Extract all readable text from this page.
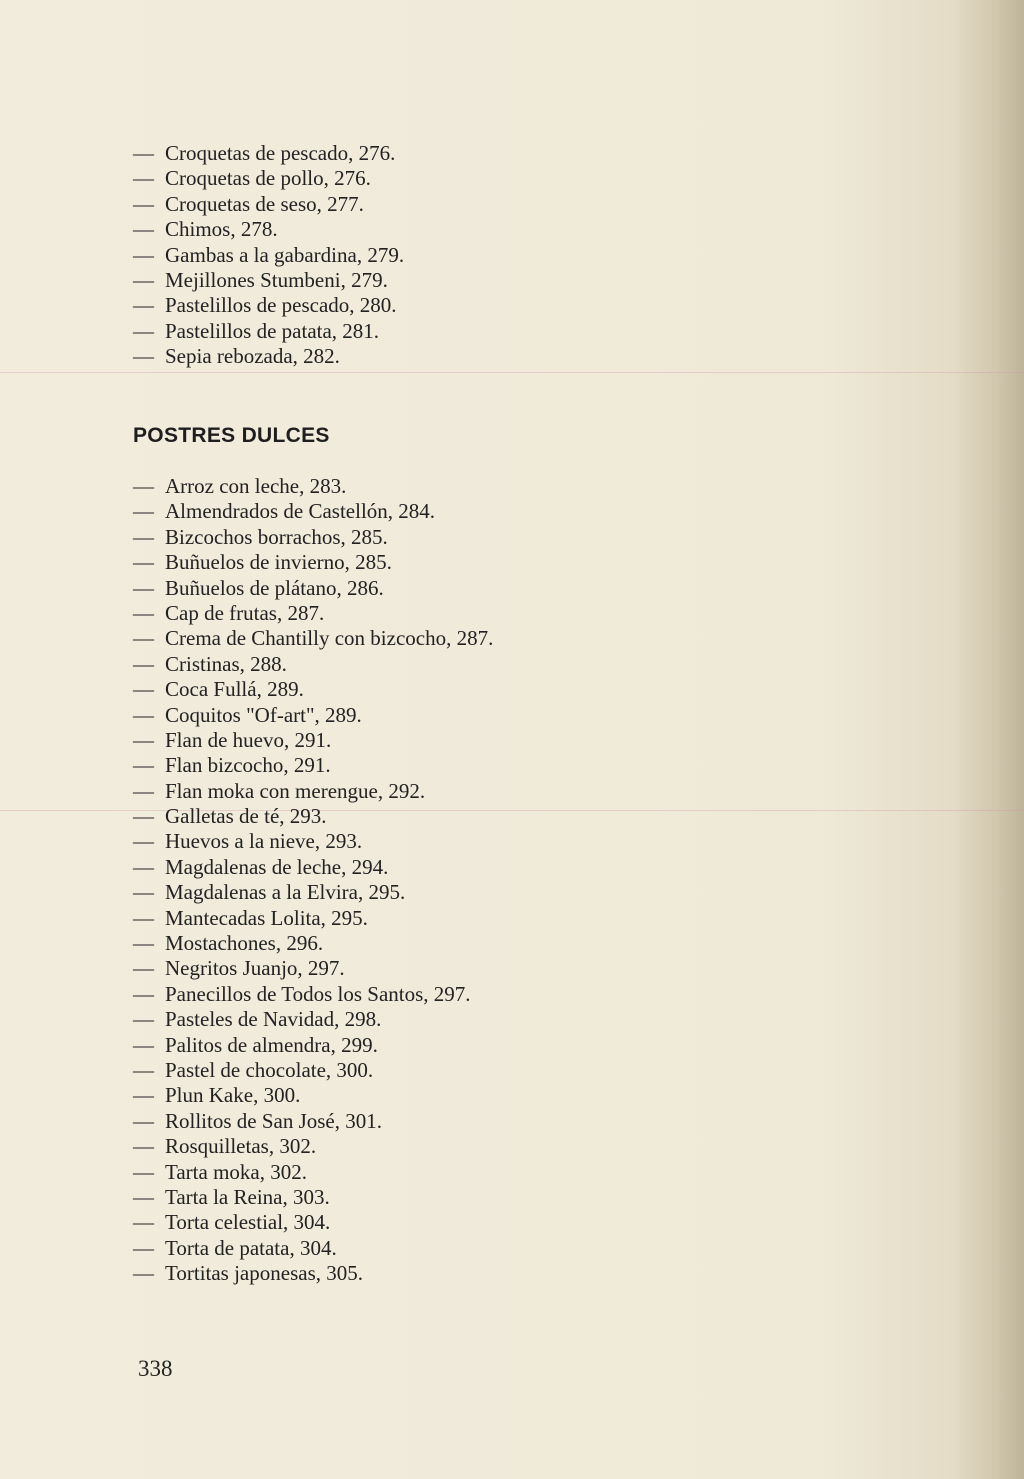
— Croquetas de pescado, 276.
— Croquetas de pollo, 276.
— Croquetas de seso, 277.
— Chimos, 278.
— Gambas a la gabardina, 279.
— Mejillones Stumbeni, 279.
— Pastelillos de pescado, 280.
— Pastelillos de patata, 281.
— Sepia rebozada, 282.
POSTRES DULCES
— Arroz con leche, 283.
— Almendrados de Castellón, 284.
— Bizcochos borrachos, 285.
— Buñuelos de invierno, 285.
— Buñuelos de plátano, 286.
— Cap de frutas, 287.
— Crema de Chantilly con bizcocho, 287.
— Cristinas, 288.
— Coca Fullá, 289.
— Coquitos "Of-art", 289.
— Flan de huevo, 291.
— Flan bizcocho, 291.
— Flan moka con merengue, 292.
— Galletas de té, 293.
— Huevos a la nieve, 293.
— Magdalenas de leche, 294.
— Magdalenas a la Elvira, 295.
— Mantecadas Lolita, 295.
— Mostachones, 296.
— Negritos Juanjo, 297.
— Panecillos de Todos los Santos, 297.
— Pasteles de Navidad, 298.
— Palitos de almendra, 299.
— Pastel de chocolate, 300.
— Plun Kake, 300.
— Rollitos de San José, 301.
— Rosquilletas, 302.
— Tarta moka, 302.
— Tarta la Reina, 303.
— Torta celestial, 304.
— Torta de patata, 304.
— Tortitas japonesas, 305.
338
